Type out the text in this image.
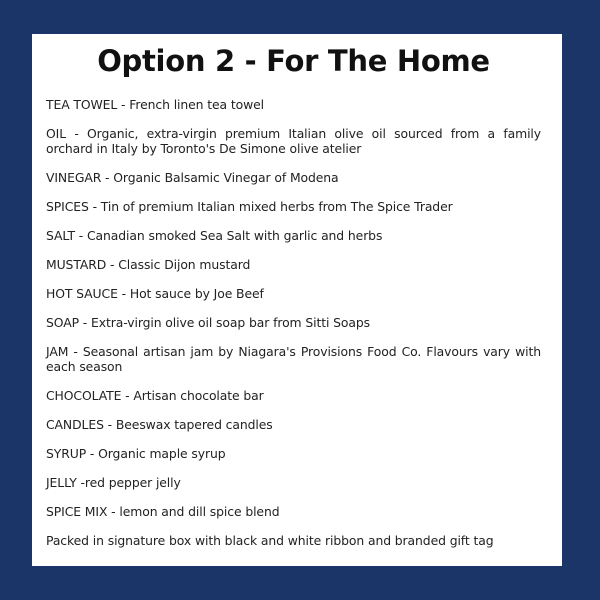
Option 2 - For The Home
TEA TOWEL - French linen tea towel
OIL - Organic, extra-virgin premium Italian olive oil sourced from a family orchard in Italy by Toronto's De Simone olive atelier
VINEGAR - Organic Balsamic Vinegar of Modena
SPICES - Tin of premium Italian mixed herbs from The Spice Trader
SALT - Canadian smoked Sea Salt with garlic and herbs
MUSTARD - Classic Dijon mustard
HOT SAUCE - Hot sauce by Joe Beef
SOAP - Extra-virgin olive oil soap bar from Sitti Soaps
JAM - Seasonal artisan jam by Niagara's Provisions Food Co. Flavours vary with each season
CHOCOLATE - Artisan chocolate bar
CANDLES - Beeswax tapered candles
SYRUP - Organic maple syrup
JELLY -red pepper jelly
SPICE MIX - lemon and dill spice blend
Packed in signature box with black and white ribbon and branded gift tag
